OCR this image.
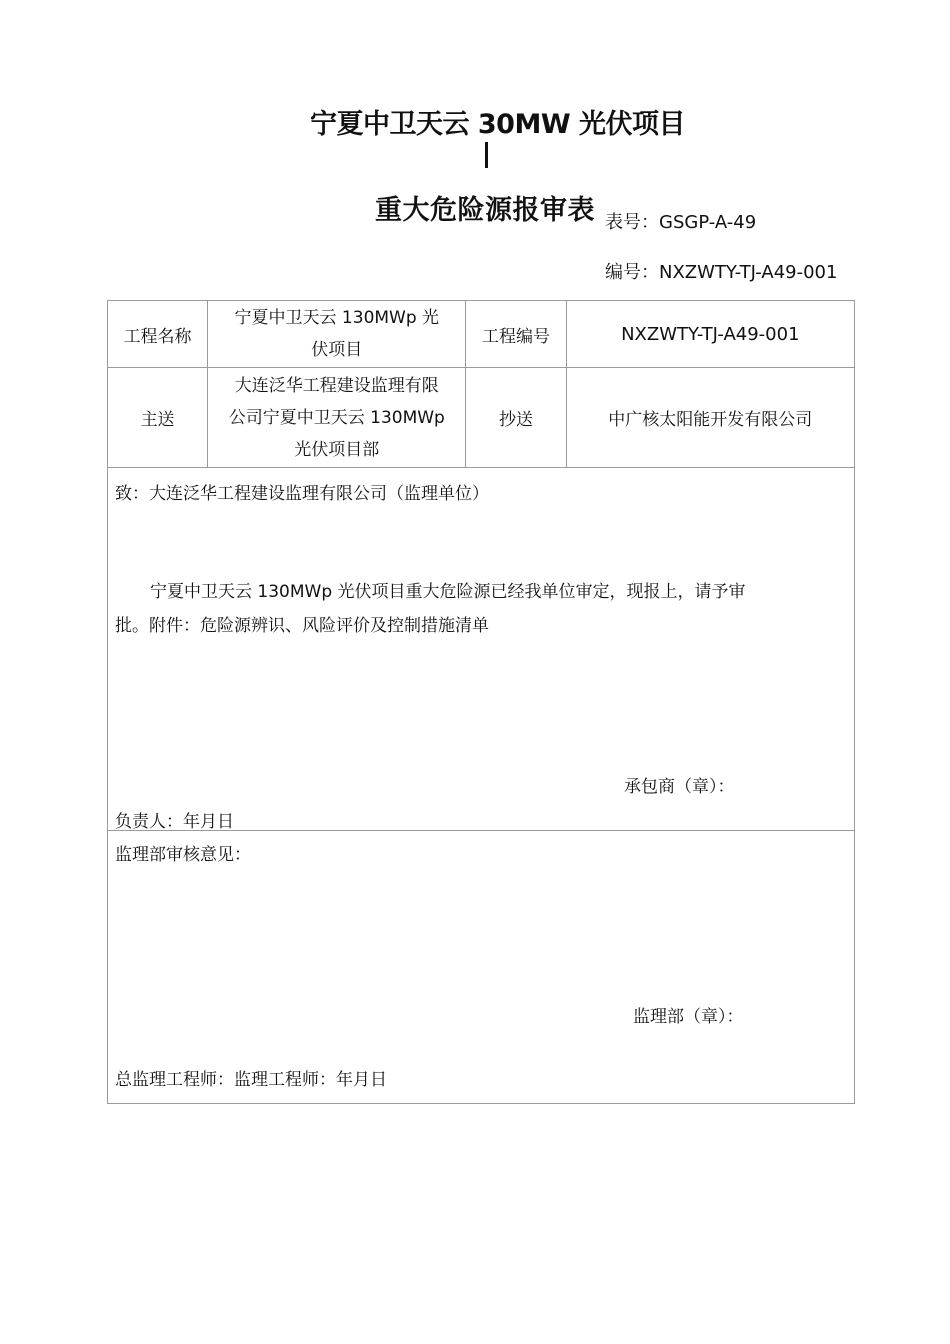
宁夏中卫天云 30MW 光伏项目
重大危险源报审表 表号：GSGP-A-49
编号：NXZWTY-TJ-A49-001
工程名称	宁夏中卫天云 130MWp 光
伏项目	工程编号	NXZWTY-TJ-A49-001
主送	大连泛华工程建设监理有限
公司宁夏中卫天云 130MWp
光伏项目部	抄送	中广核太阳能开发有限公司

致：大连泛华工程建设监理有限公司（监理单位）
宁夏中卫天云 130MWp 光伏项目重大危险源已经我单位审定，现报上，请予审
批。附件：危险源辨识、风险评价及控制措施清单
承包商（章）：
负责人：年月日			

监理部审核意见：
监理部（章）：
总监理工程师：监理工程师：年月日			
